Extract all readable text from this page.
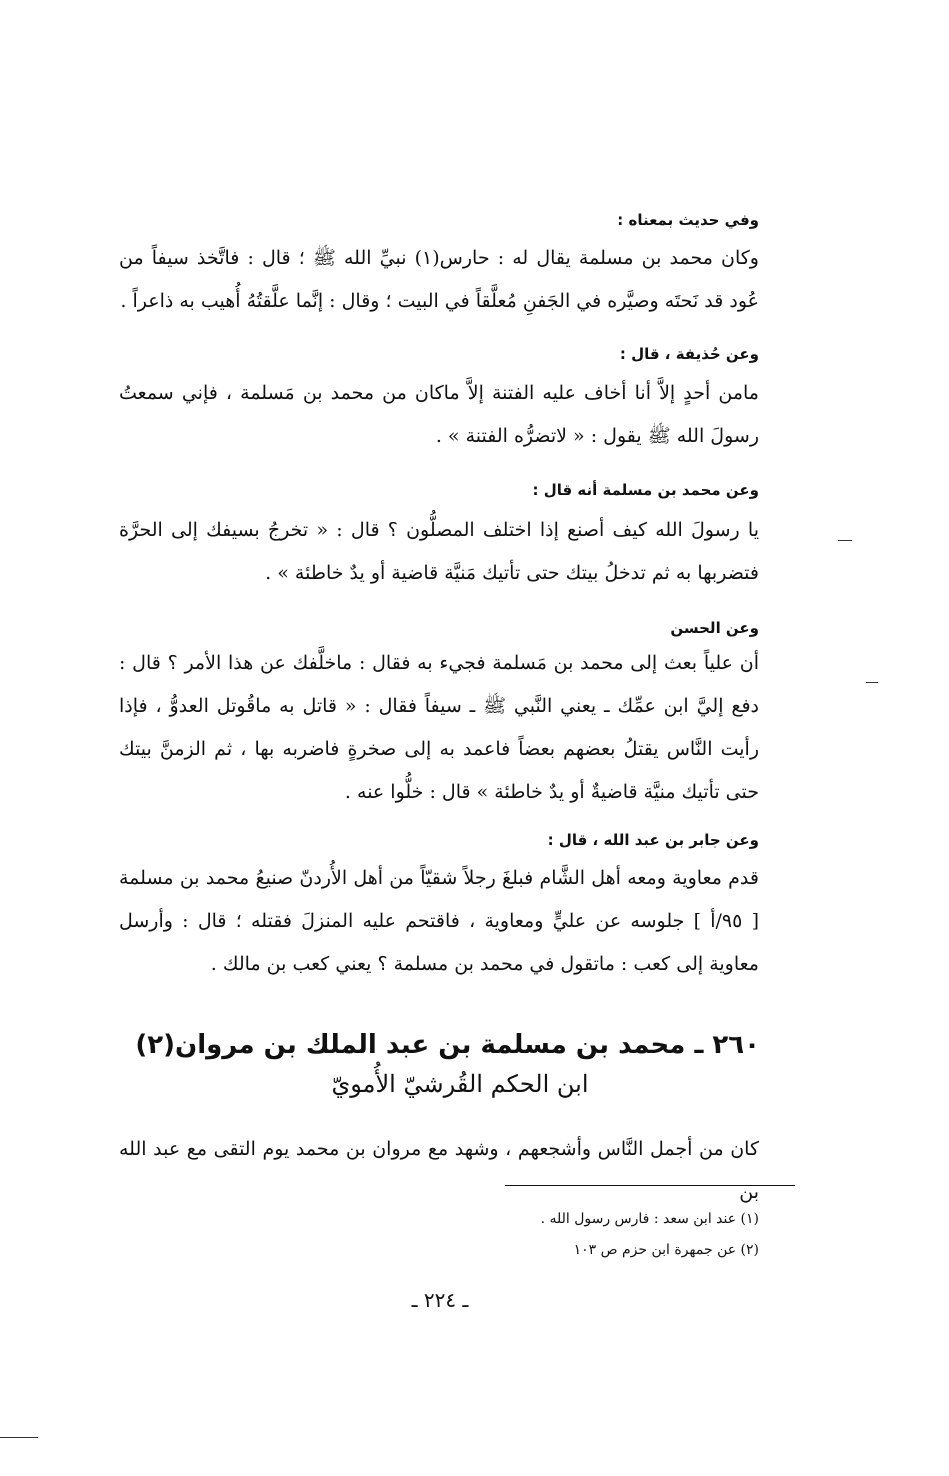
وفي حديث بمعناه :
وكان محمد بن مسلمة يقال له : حارس(١) نبيِّ الله ﷺ ؛ قال : فاتَّخذ سيفاً من عُود قد نَحتَه وصيَّره في الجَفنِ مُعلَّقاً في البيت ؛ وقال : إنَّما علَّقتُهُ أُهيب به ذاعراً .
وعن حُذيفة ، قال :
مامن أحدٍ إلاَّ أنا أخاف عليه الفتنة إلاَّ ماكان من محمد بن مَسلمة ، فإني سمعتُ رسولَ الله ﷺ يقول : « لاتضرُّه الفتنة » .
وعن محمد بن مسلمة أنه قال :
يا رسولَ الله كيف أصنع إذا اختلف المصلُّون ؟ قال : « تخرجُ بسيفك إلى الحرَّة فتضربها به ثم تدخلُ بيتك حتى تأتيك مَنيَّة قاضية أو يدٌ خاطئة » .
وعن الحسن
أن علياً بعث إلى محمد بن مَسلمة فجيء به فقال : ماخلَّفك عن هذا الأمر ؟ قال : دفع إليَّ ابن عمِّك ـ يعني النَّبي ﷺ ـ سيفاً فقال : « قاتل به ماقُوتل العدوُّ ، فإذا رأيت النَّاس يقتلُ بعضهم بعضاً فاعمد به إلى صخرةٍ فاضربه بها ، ثم الزمنَّ بيتك حتى تأتيك منيَّة قاضيةٌ أو يدٌ خاطئة » قال : خلُّوا عنه .
وعن جابر بن عبد الله ، قال :
قدم معاوية ومعه أهل الشَّام فبلغَ رجلاً شقيّاً من أهل الأُردنّ صنيعُ محمد بن مسلمة [ ٩٥/أ ] جلوسه عن عليٍّ ومعاوية ، فاقتحم عليه المنزلَ فقتله ؛ قال : وأرسل معاوية إلى كعب : ماتقول في محمد بن مسلمة ؟ يعني كعب بن مالك .
٢٦٠ ـ محمد بن مسلمة بن عبد الملك بن مروان(٢)
ابن الحكم القُرشيّ الأُمويّ
كان من أجمل النَّاس وأشجعهم ، وشهد مع مروان بن محمد يوم التقى مع عبد الله بن
(١) عند ابن سعد : فارس رسول الله .
(٢) عن جمهرة ابن حزم ص ١٠٣
ـ ٢٢٤ ـ
